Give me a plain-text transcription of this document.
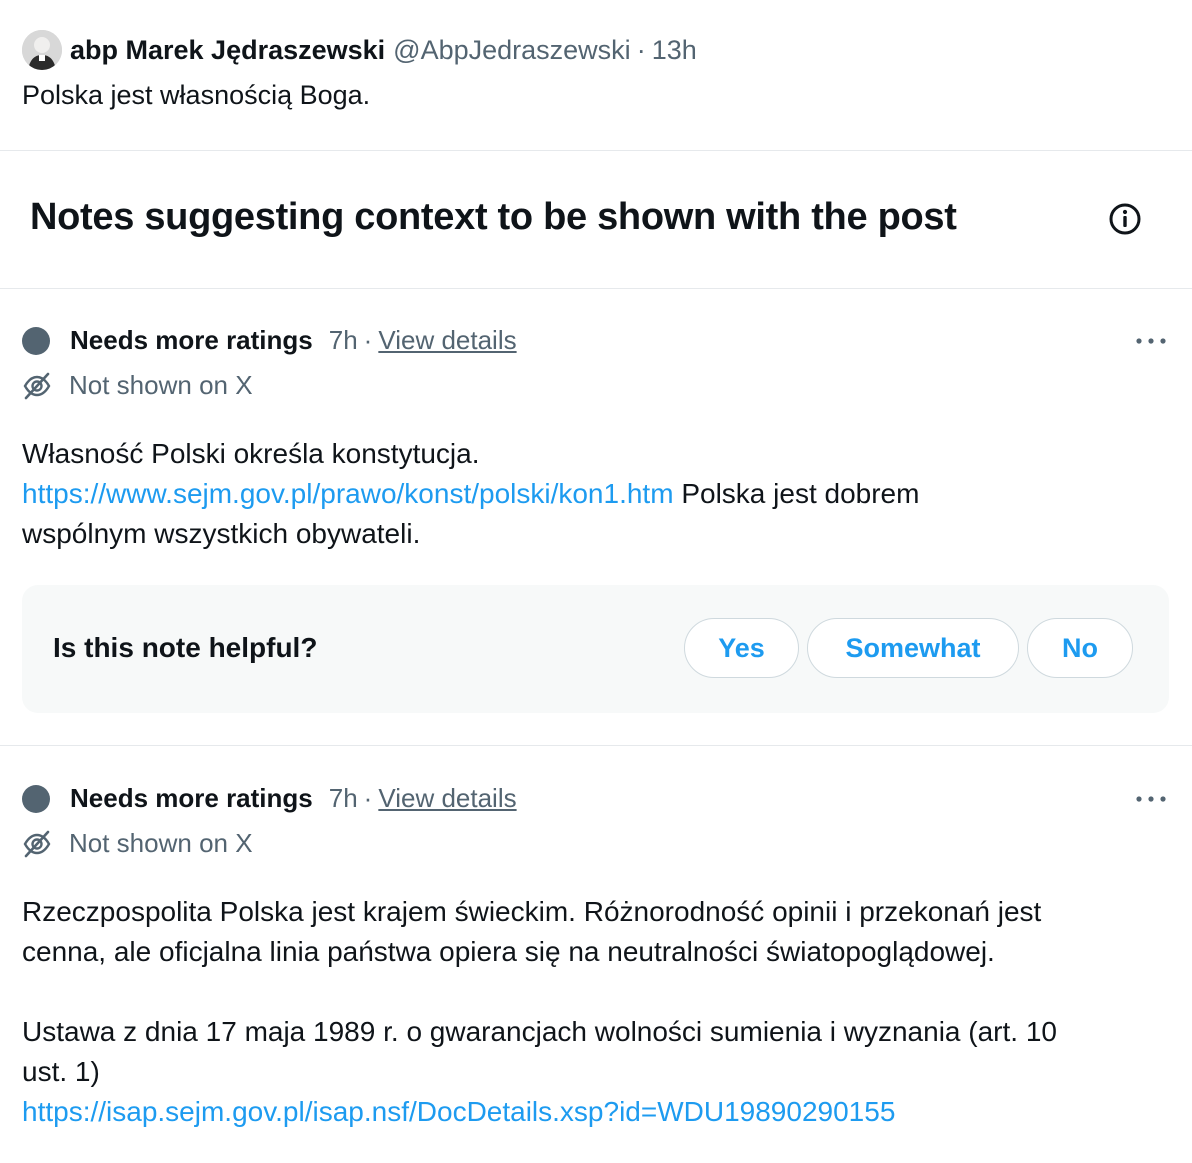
abp Marek Jędraszewski @AbpJedraszewski · 13h
Polska jest własnością Boga.
Notes suggesting context to be shown with the post
Needs more ratings 7h · View details
Not shown on X
Własność Polski określa konstytucja.
https://www.sejm.gov.pl/prawo/konst/polski/kon1.htm Polska jest dobrem
wspólnym wszystkich obywateli.
Is this note helpful?	Yes	Somewhat	No
Needs more ratings 7h · View details
Not shown on X
Rzeczpospolita Polska jest krajem świeckim. Różnorodność opinii i przekonań jest
cenna, ale oficjalna linia państwa opiera się na neutralności światopoglądowej.
Ustawa z dnia 17 maja 1989 r. o gwarancjach wolności sumienia i wyznania (art. 10
ust. 1)
https://isap.sejm.gov.pl/isap.nsf/DocDetails.xsp?id=WDU19890290155
